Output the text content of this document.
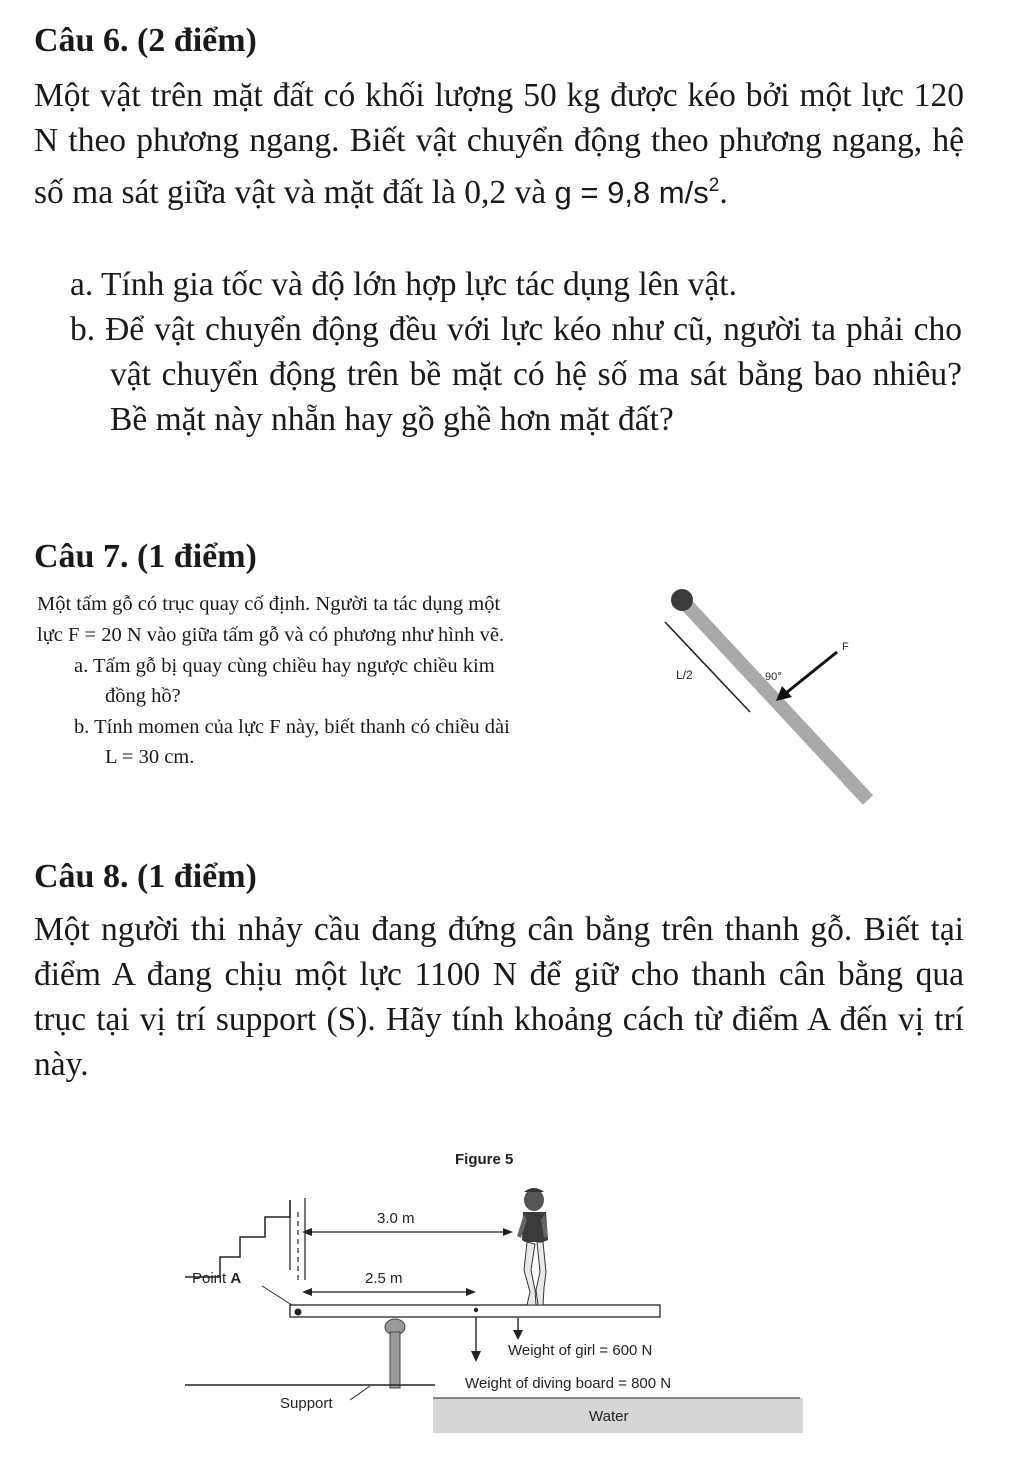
Câu 6. (2 điểm)

Một vật trên mặt đất có khối lượng 50 kg được kéo bởi một lực 120 N theo phương ngang. Biết vật chuyển động theo phương ngang, hệ số ma sát giữa vật và mặt đất là 0,2 và g = 9,8 $m/s^2$.

a. Tính gia tốc và độ lớn hợp lực tác dụng lên vật.
b. Để vật chuyển động đều với lực kéo như cũ, người ta phải cho vật chuyển động trên bề mặt có hệ số ma sát bằng bao nhiêu? Bề mặt này nhẵn hay gồ ghề hơn mặt đất?
Câu 7. (1 điểm)
Một tấm gỗ có trục quay cố định. Người ta tác dụng một
lực F = 20 N vào giữa tấm gỗ và có phương như hình vẽ.
a. Tấm gỗ bị quay cùng chiều hay ngược chiều kim
đồng hồ?
b. Tính momen của lực F này, biết thanh có chiều dài
L = 30 cm.
F
L/2	90°
Câu 8. (1 điểm)

Một người thi nhảy cầu đang đứng cân bằng trên thanh gỗ. Biết tại điểm A đang chịu một lực 1100 N để giữ cho thanh cân bằng qua trục tại vị trí support (S). Hãy tính khoảng cách từ điểm A đến vị trí này.

Figure 5
Support
Water
3.0 m
2.5 m
Point A
Weight of diving board = 800 N
Weight of girl = 600 N
